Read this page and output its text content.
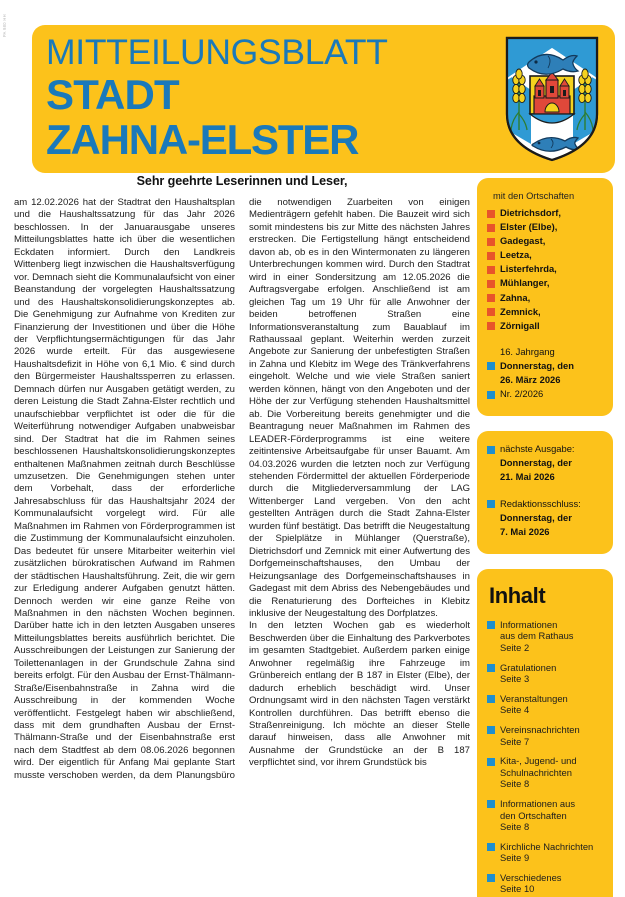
PA 980 HH
MITTEILUNGSBLATT
STADT
ZAHNA-ELSTER
Sehr geehrte Leserinnen und Leser,

am 12.02.2026 hat der Stadtrat den Haushaltsplan und die Haushaltssatzung für das Jahr 2026 beschlossen. In der Januarausgabe unseres Mitteilungsblattes hatte ich über die wesentlichen Eckdaten informiert. Durch den Landkreis Wittenberg liegt inzwischen die Haushaltsverfügung vor. Demnach sieht die Kommunalaufsicht von einer Beanstandung der vorgelegten Haushaltssatzung und des Haushaltskonsolidierungskonzeptes ab. Die Genehmigung zur Aufnahme von Krediten zur Finanzierung der Investitionen und über die Höhe der Verpflichtungsermächtigungen für das Jahr 2026 wurde erteilt. Für das ausgewiesene Haushaltsdefizit in Höhe von 6,1 Mio. € sind durch den Bürgermeister Haushaltssperren zu erlassen. Demnach dürfen nur Ausgaben getätigt werden, zu deren Leistung die Stadt Zahna-Elster rechtlich und unaufschiebbar verpflichtet ist oder die für die Weiterführung notwendiger Aufgaben unabweisbar sind. Der Stadtrat hat die im Rahmen seines beschlossenen Haushaltskonsolidierungskonzeptes enthaltenen Maßnahmen zeitnah durch Beschlüsse umzusetzen. Die Genehmigungen stehen unter dem Vorbehalt, dass der erforderliche Jahresabschluss für das Haushaltsjahr 2024 der Kommunalaufsicht vorgelegt wird. Für alle Maßnahmen im Rahmen von Förderprogrammen ist die Zustimmung der Kommunalaufsicht einzuholen. Das bedeutet für unsere Mitarbeiter weiterhin viel zusätzlichen bürokratischen Aufwand im Rahmen der städtischen Haushaltsführung. Zeit, die wir gern zur Erledigung anderer Aufgaben genutzt hätten. Dennoch werden wir eine ganze Reihe von Maßnahmen in den nächsten Wochen beginnen. Darüber hatte ich in den letzten Ausgaben unseres Mitteilungsblattes bereits ausführlich berichtet. Die Ausschreibungen der Leistungen zur Sanierung der Toilettenanlagen in der Grundschule Zahna sind bereits erfolgt. Für den Ausbau der Ernst-Thälmann-Straße/Eisenbahnstraße in Zahna wird die Ausschreibung in der kommenden Woche veröffentlicht. Festgelegt haben wir abschließend, dass mit dem grundhaften Ausbau der Ernst-Thälmann-Straße und der Eisenbahnstraße erst nach dem Stadtfest ab dem 08.06.2026 begonnen wird. Der eigentlich für Anfang Mai geplante Start musste verschoben werden, da dem Planungsbüro die notwendigen Zuarbeiten von einigen Medienträgern gefehlt haben. Die Bauzeit wird sich somit mindestens bis zur Mitte des nächsten Jahres erstrecken. Die Fertigstellung hängt entscheidend davon ab, ob es in den Wintermonaten zu längeren Unterbrechungen kommen wird. Durch den Stadtrat wird in einer Sondersitzung am 12.05.2026 die Auftragsvergabe erfolgen. Anschließend ist am gleichen Tag um 19 Uhr für alle Anwohner der beiden betroffenen Straßen eine Informationsveranstaltung zum Bauablauf im Rathaussaal geplant. Weiterhin werden zurzeit Angebote zur Sanierung der unbefestigten Straßen in Zahna und Klebitz im Wege des Tränkverfahrens eingeholt. Welche und wie viele Straßen saniert werden können, hängt von den Angeboten und der Höhe der zur Verfügung stehenden Haushaltsmittel ab. Die Vorbereitung bereits genehmigter und die Beantragung neuer Maßnahmen im Rahmen des LEADER-Förderprogramms ist eine weitere zeitintensive Arbeitsaufgabe für unser Bauamt. Am 04.03.2026 wurden die letzten noch zur Verfügung stehenden Fördermittel der aktuellen Förderperiode durch die Mitgliederversammlung der LAG Wittenberger Land vergeben. Von den acht gestellten Anträgen durch die Stadt Zahna-Elster wurden fünf bestätigt. Das betrifft die Neugestaltung der Spielplätze in Mühlanger (Querstraße), Dietrichsdorf und Zemnick mit einer Aufwertung des Dorfgemeinschaftshauses, den Umbau der Heizungsanlage des Dorfgemeinschaftshauses in Gadegast mit dem Abriss des Nebengebäudes und die Renaturierung des Dorfteiches in Klebitz inklusive der Neugestaltung des Dorfplatzes.

In den letzten Wochen gab es wiederholt Beschwerden über die Einhaltung des Parkverbotes im gesamten Stadtgebiet. Außerdem parken einige Anwohner regelmäßig ihre Fahrzeuge im Grünbereich entlang der B 187 in Elster (Elbe), der dadurch erheblich beschädigt wird. Unser Ordnungsamt wird in den nächsten Tagen verstärkt Kontrollen durchführen. Das betrifft ebenso die Straßenreinigung. Ich möchte an dieser Stelle darauf hinweisen, dass alle Anwohner mit Ausnahme der Grundstücke an der B 187 verpflichtet sind, vor ihrem Grundstück bis

mit den Ortschaften
Dietrichsdorf,
Elster (Elbe),
Gadegast,
Leetza,
Listerfehrda,
Mühlanger,
Zahna,
Zemnick,
Zörnigall
16. Jahrgang
Donnerstag, den
26. März 2026
Nr. 2/2026
nächste Ausgabe:
Donnerstag, der
21. Mai 2026
Redaktionsschluss:
Donnerstag, der
7. Mai 2026
Inhalt
Informationen
aus dem Rathaus
Seite 2
Gratulationen
Seite 3
Veranstaltungen
Seite 4
Vereinsnachrichten
Seite 7
Kita-, Jugend- und
Schulnachrichten
Seite 8
Informationen aus
den Ortschaften
Seite 8
Kirchliche Nachrichten
Seite 9
Verschiedenes
Seite 10
